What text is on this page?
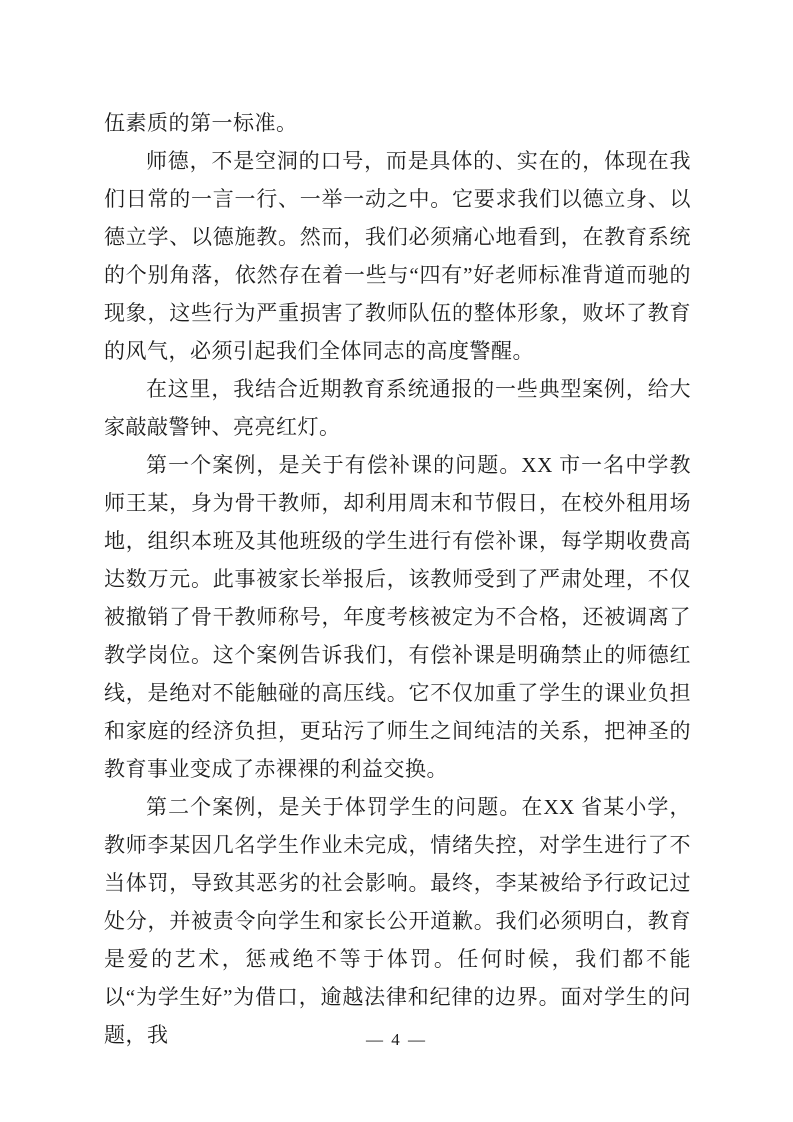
伍素质的第一标准。

师德，不是空洞的口号，而是具体的、实在的，体现在我们日常的一言一行、一举一动之中。它要求我们以德立身、以德立学、以德施教。然而，我们必须痛心地看到，在教育系统的个别角落，依然存在着一些与“四有”好老师标准背道而驰的现象，这些行为严重损害了教师队伍的整体形象，败坏了教育的风气，必须引起我们全体同志的高度警醒。

在这里，我结合近期教育系统通报的一些典型案例，给大家敲敲警钟、亮亮红灯。

第一个案例，是关于有偿补课的问题。XX 市一名中学教师王某，身为骨干教师，却利用周末和节假日，在校外租用场地，组织本班及其他班级的学生进行有偿补课，每学期收费高达数万元。此事被家长举报后，该教师受到了严肃处理，不仅被撤销了骨干教师称号，年度考核被定为不合格，还被调离了教学岗位。这个案例告诉我们，有偿补课是明确禁止的师德红线，是绝对不能触碰的高压线。它不仅加重了学生的课业负担和家庭的经济负担，更玷污了师生之间纯洁的关系，把神圣的教育事业变成了赤裸裸的利益交换。

第二个案例，是关于体罚学生的问题。在XX 省某小学，教师李某因几名学生作业未完成，情绪失控，对学生进行了不当体罚，导致其恶劣的社会影响。最终，李某被给予行政记过处分，并被责令向学生和家长公开道歉。我们必须明白，教育是爱的艺术，惩戒绝不等于体罚。任何时候，我们都不能以“为学生好”为借口，逾越法律和纪律的边界。面对学生的问题，我	— 4 —
